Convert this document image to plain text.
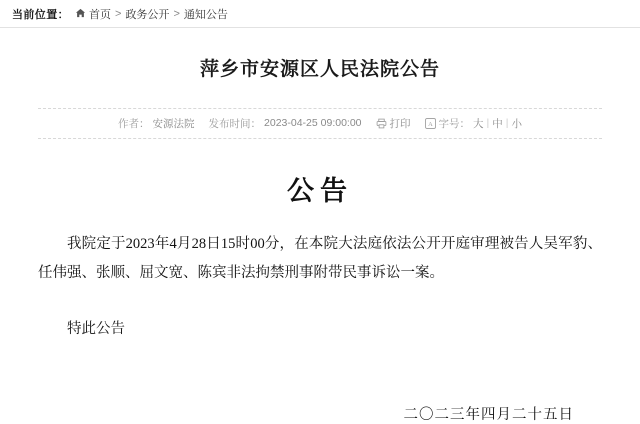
当前位置： 首页 > 政务公开 > 通知公告
萍乡市安源区人民法院公告
作者： 安源法院 发布时间： 2023-04-25 09:00:00	打印 A 字号： 大 | 中 | 小
公告

我院定于2023年4月28日15时00分，在本院大法庭依法公开开庭审理被告人吴军豹、任伟强、张顺、屈文宽、陈宾非法拘禁刑事附带民事诉讼一案。

特此公告

二〇二三年四月二十五日
